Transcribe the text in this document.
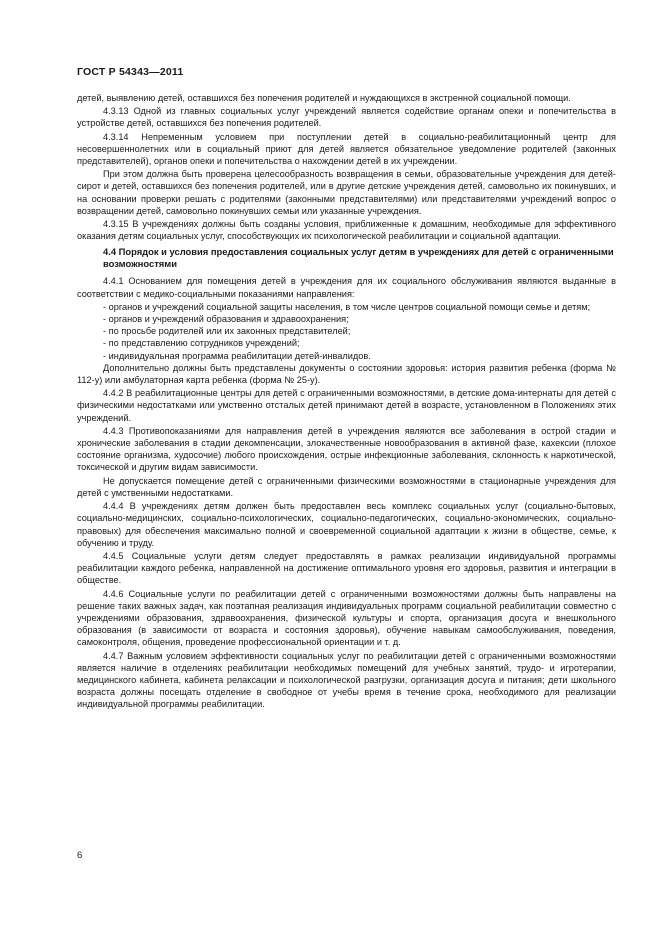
ГОСТ Р 54343—2011

детей, выявлению детей, оставшихся без попечения родителей и нуждающихся в экстренной социальной помощи.

4.3.13 Одной из главных социальных услуг учреждений является содействие органам опеки и попечительства в устройстве детей, оставшихся без попечения родителей.

4.3.14 Непременным условием при поступлении детей в социально-реабилитационный центр для несовершеннолетних или в социальный приют для детей является обязательное уведомление родителей (законных представителей), органов опеки и попечительства о нахождении детей в их учреждении.

При этом должна быть проверена целесообразность возвращения в семьи, образовательные учреждения для детей-сирот и детей, оставшихся без попечения родителей, или в другие детские учреждения детей, самовольно их покинувших, и на основании проверки решать с родителями (законными представителями) или представителями учреждений вопрос о возвращении детей, самовольно покинувших семьи или указанные учреждения.

4.3.15 В учреждениях должны быть созданы условия, приближенные к домашним, необходимые для эффективного оказания детям социальных услуг, способствующих их психологической реабилитации и социальной адаптации.

4.4 Порядок и условия предоставления социальных услуг детям в учреждениях для детей с ограниченными возможностями

4.4.1 Основанием для помещения детей в учреждения для их социального обслуживания являются выданные в соответствии с медико-социальными показаниями направления:

- органов и учреждений социальной защиты населения, в том числе центров социальной помощи семье и детям;

- органов и учреждений образования и здравоохранения;

- по просьбе родителей или их законных представителей;

- по представлению сотрудников учреждений;

- индивидуальная программа реабилитации детей-инвалидов.

Дополнительно должны быть представлены документы о состоянии здоровья: история развития ребенка (форма № 112-у) или амбулаторная карта ребенка (форма № 25-у).

4.4.2 В реабилитационные центры для детей с ограниченными возможностями, в детские дома-интернаты для детей с физическими недостатками или умственно отсталых детей принимают детей в возрасте, установленном в Положениях этих учреждений.

4.4.3 Противопоказаниями для направления детей в учреждения являются все заболевания в острой стадии и хронические заболевания в стадии декомпенсации, злокачественные новообразования в активной фазе, кахексии (плохое состояние организма, худосочие) любого происхождения, острые инфекционные заболевания, склонность к наркотической, токсической и другим видам зависимости.

Не допускается помещение детей с ограниченными физическими возможностями в стационарные учреждения для детей с умственными недостатками.

4.4.4 В учреждениях детям должен быть предоставлен весь комплекс социальных услуг (социально-бытовых, социально-медицинских, социально-психологических, социально-педагогических, социально-экономических, социально-правовых) для обеспечения максимально полной и своевременной социальной адаптации к жизни в обществе, семье, к обучению и труду.

4.4.5 Социальные услуги детям следует предоставлять в рамках реализации индивидуальной программы реабилитации каждого ребенка, направленной на достижение оптимального уровня его здоровья, развития и интеграции в обществе.

4.4.6 Социальные услуги по реабилитации детей с ограниченными возможностями должны быть направлены на решение таких важных задач, как поэтапная реализация индивидуальных программ социальной реабилитации совместно с учреждениями образования, здравоохранения, физической культуры и спорта, организация досуга и внешкольного образования (в зависимости от возраста и состояния здоровья), обучение навыкам самообслуживания, поведения, самоконтроля, общения, проведение профессиональной ориентации и т. д.

4.4.7 Важным условием эффективности социальных услуг по реабилитации детей с ограниченными возможностями является наличие в отделениях реабилитации необходимых помещений для учебных занятий, трудо- и игротерапии, медицинского кабинета, кабинета релаксации и психологической разгрузки, организация досуга и питания; дети школьного возраста должны посещать отделение в свободное от учебы время в течение срока, необходимого для реализации индивидуальной программы реабилитации.

6
